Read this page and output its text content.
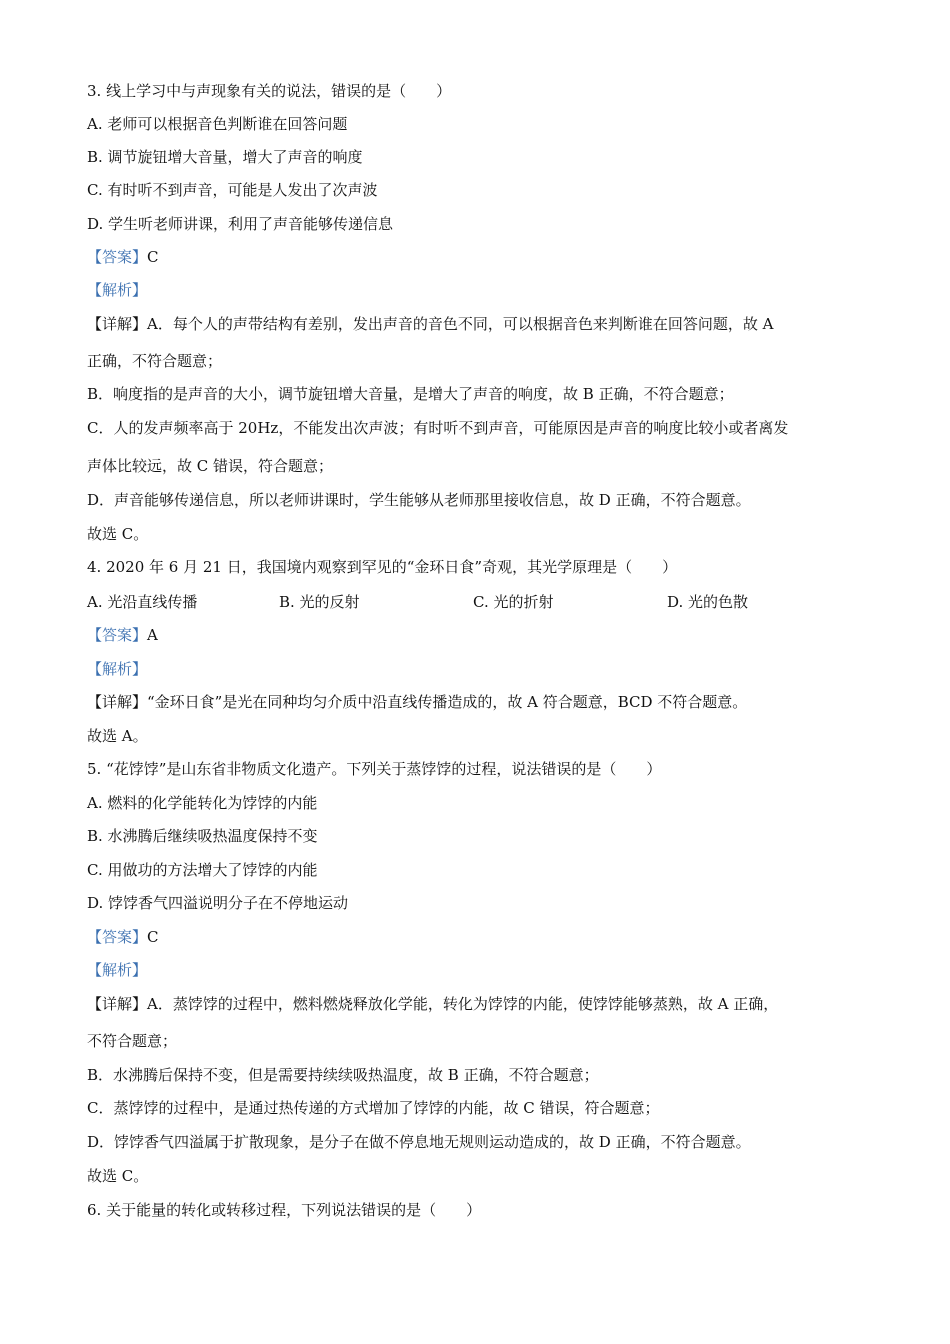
3. 线上学习中与声现象有关的说法，错误的是（　　）
A. 老师可以根据音色判断谁在回答问题
B. 调节旋钮增大音量，增大了声音的响度
C. 有时听不到声音，可能是人发出了次声波
D. 学生听老师讲课，利用了声音能够传递信息
【答案】C
【解析】
【详解】A．每个人的声带结构有差别，发出声音的音色不同，可以根据音色来判断谁在回答问题，故 A
正确，不符合题意；
B．响度指的是声音的大小，调节旋钮增大音量，是增大了声音的响度，故 B 正确，不符合题意；
C．人的发声频率高于 20Hz，不能发出次声波；有时听不到声音，可能原因是声音的响度比较小或者离发
声体比较远，故 C 错误，符合题意；
D．声音能够传递信息，所以老师讲课时，学生能够从老师那里接收信息，故 D 正确，不符合题意。
故选 C。
4. 2020 年 6 月 21 日，我国境内观察到罕见的“金环日食”奇观，其光学原理是（　　）
A. 光沿直线传播	B. 光的反射	C. 光的折射	D. 光的色散
【答案】A
【解析】
【详解】“金环日食”是光在同种均匀介质中沿直线传播造成的，故 A 符合题意，BCD 不符合题意。
故选 A。
5. “花饽饽”是山东省非物质文化遗产。下列关于蒸饽饽的过程，说法错误的是（　　）
A. 燃料的化学能转化为饽饽的内能
B. 水沸腾后继续吸热温度保持不变
C. 用做功的方法增大了饽饽的内能
D. 饽饽香气四溢说明分子在不停地运动
【答案】C
【解析】
【详解】A．蒸饽饽的过程中，燃料燃烧释放化学能，转化为饽饽的内能，使饽饽能够蒸熟，故 A 正确，
不符合题意；
B．水沸腾后保持不变，但是需要持续续吸热温度，故 B 正确，不符合题意；
C．蒸饽饽的过程中，是通过热传递的方式增加了饽饽的内能，故 C 错误，符合题意；
D．饽饽香气四溢属于扩散现象，是分子在做不停息地无规则运动造成的，故 D 正确，不符合题意。
故选 C。
6. 关于能量的转化或转移过程，下列说法错误的是（　　）
